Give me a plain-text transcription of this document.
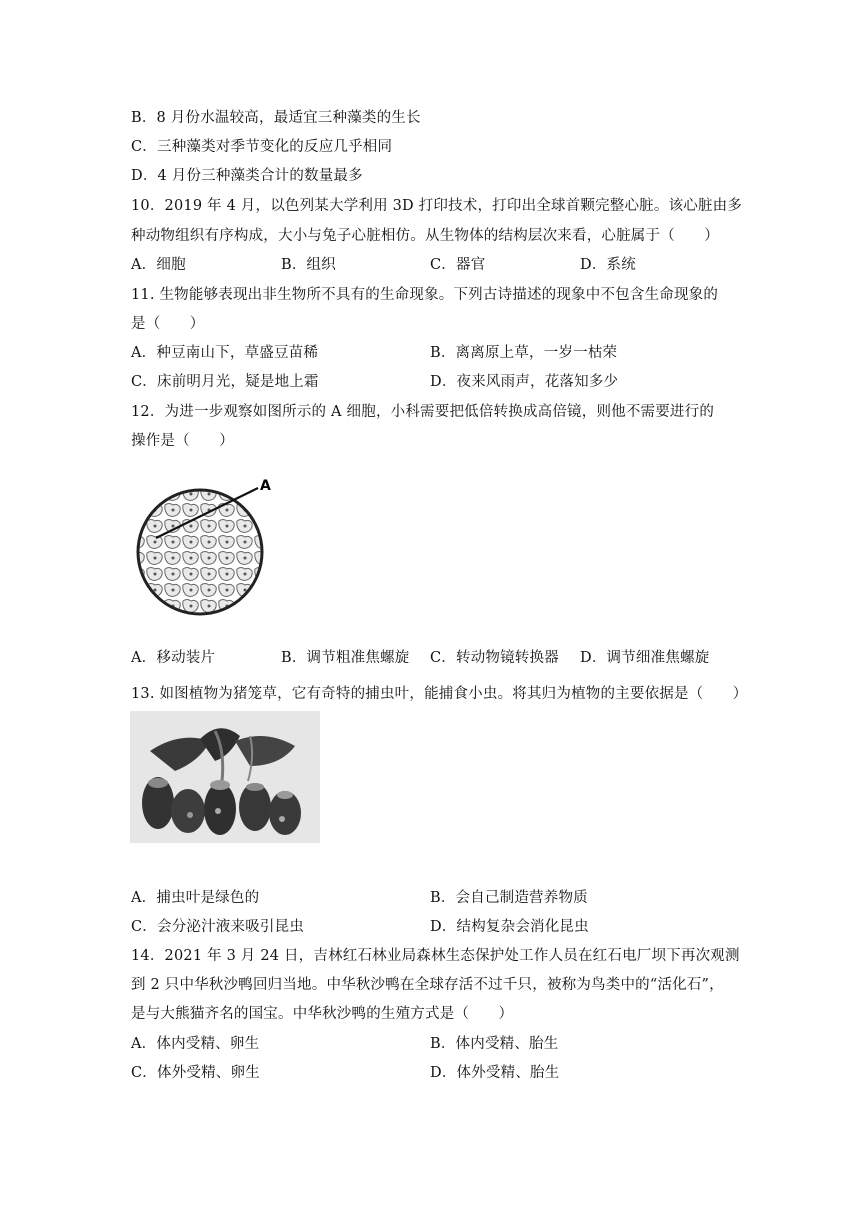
B．8 月份水温较高，最适宜三种藻类的生长
C．三种藻类对季节变化的反应几乎相同
D．4 月份三种藻类合计的数量最多
10．2019 年 4 月，以色列某大学利用 3D 打印技术，打印出全球首颗完整心脏。该心脏由多
种动物组织有序构成，大小与兔子心脏相仿。从生物体的结构层次来看，心脏属于（　　）
A．细胞	B．组织	C．器官	D．系统
11. 生物能够表现出非生物所不具有的生命现象。下列古诗描述的现象中不包含生命现象的
是（　　）
A．种豆南山下，草盛豆苗稀	B．离离原上草，一岁一枯荣
C．床前明月光，疑是地上霜	D．夜来风雨声，花落知多少
12．为进一步观察如图所示的 A 细胞，小科需要把低倍转换成高倍镜，则他不需要进行的
操作是（　　）
A
A．移动装片	B．调节粗准焦螺旋 C．转动物镜转换器 D．调节细准焦螺旋
13. 如图植物为猪笼草，它有奇特的捕虫叶，能捕食小虫。将其归为植物的主要依据是（　　）
A．捕虫叶是绿色的	B．会自己制造营养物质
C．会分泌汁液来吸引昆虫	D．结构复杂会消化昆虫
14．2021 年 3 月 24 日，吉林红石林业局森林生态保护处工作人员在红石电厂坝下再次观测
到 2 只中华秋沙鸭回归当地。中华秋沙鸭在全球存活不过千只，被称为鸟类中的“活化石”，
是与大熊猫齐名的国宝。中华秋沙鸭的生殖方式是（　　）
A．体内受精、卵生	B．体内受精、胎生
C．体外受精、卵生	D．体外受精、胎生
